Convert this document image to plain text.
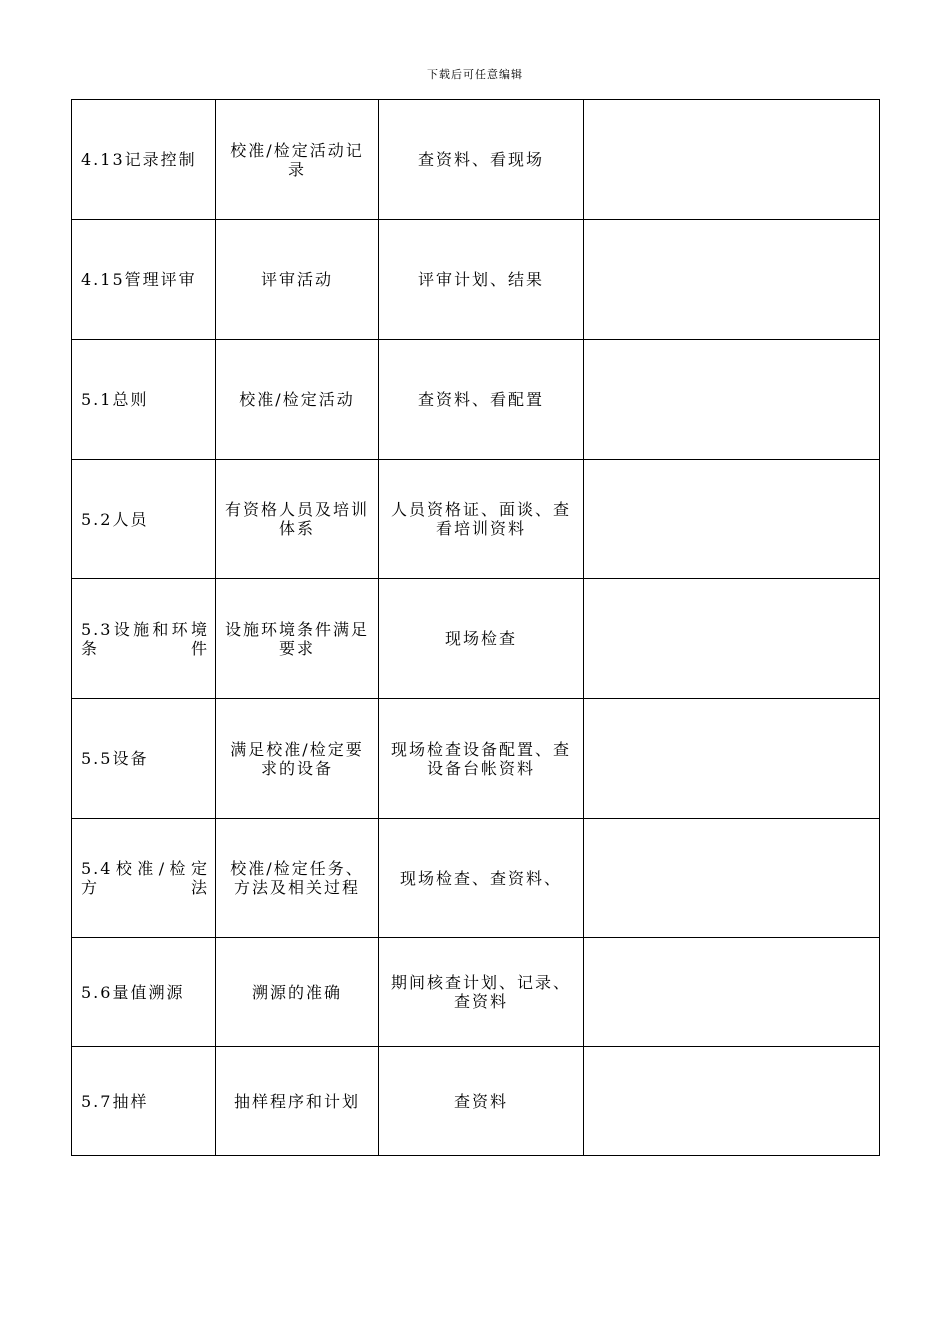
下载后可任意编辑
4.13记录控制	校准/检定活动记录	查资料、看现场	
4.15管理评审	评审活动	评审计划、结果	
5.1总则	校准/检定活动	查资料、看配置	
5.2人员	有资格人员及培训体系	人员资格证、面谈、查看培训资料	
5.3设施和环境条件	设施环境条件满足要求	现场检查	
5.5设备	满足校准/检定要求的设备	现场检查设备配置、查设备台帐资料	
5.4校准/检定方法	校准/检定任务、方法及相关过程	现场检查、查资料、	
5.6量值溯源	溯源的准确	期间核查计划、记录、查资料	
5.7抽样	抽样程序和计划	查资料	
